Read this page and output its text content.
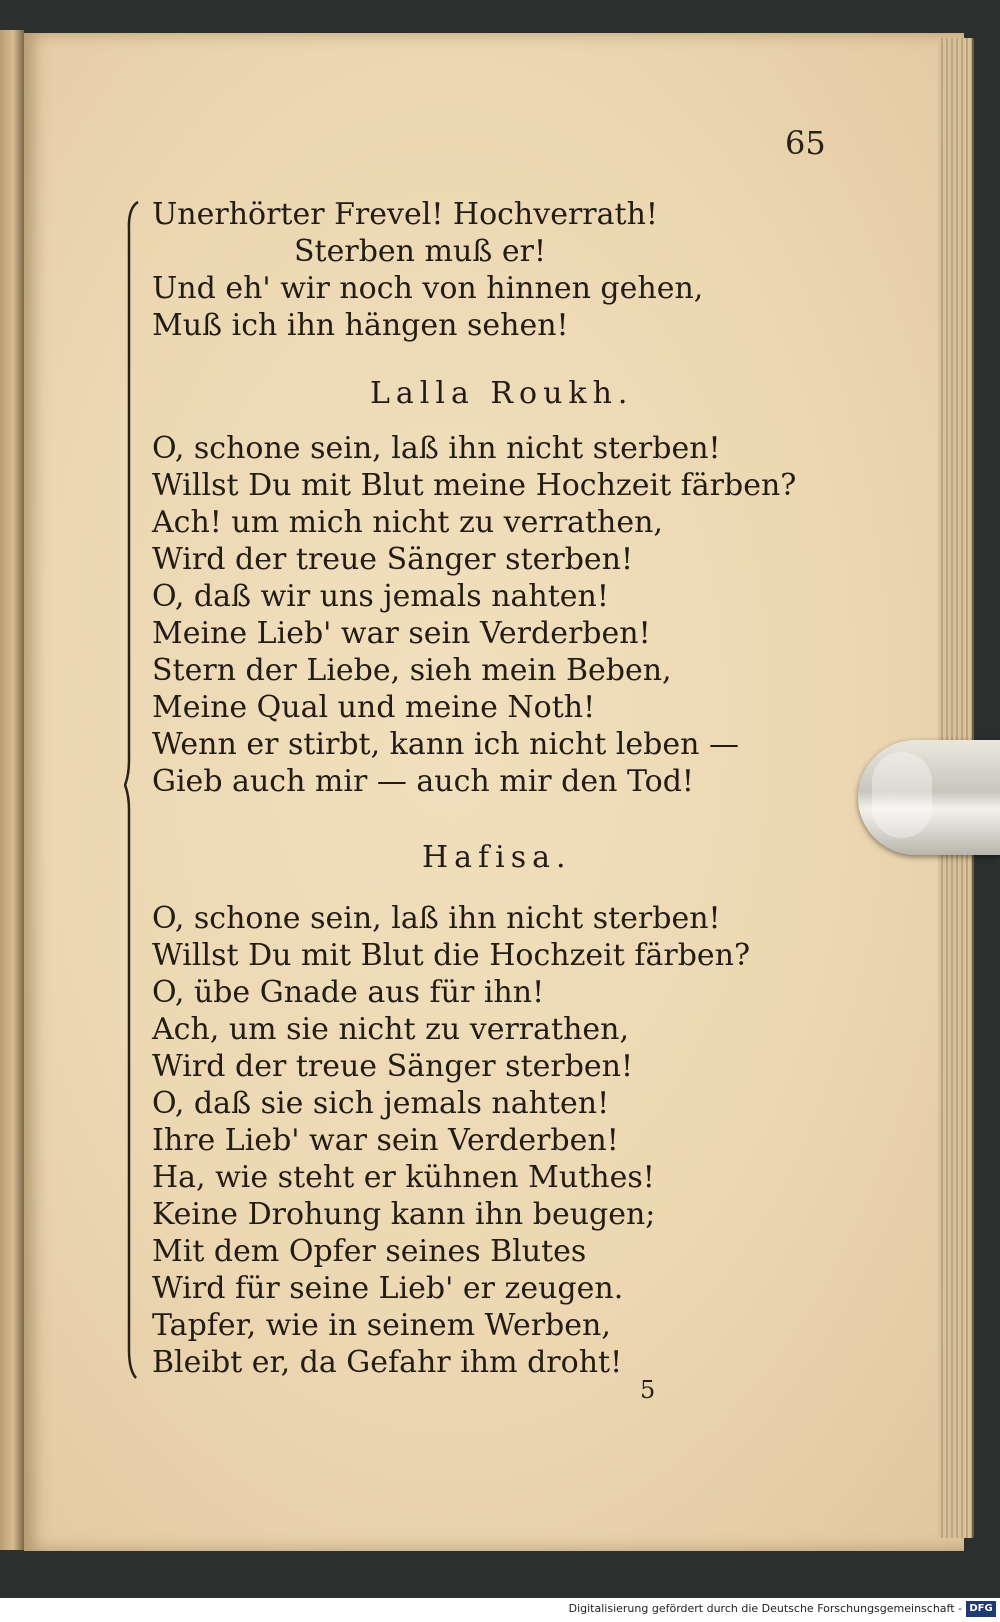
65
Unerhörter Frevel! Hochverrath!
Sterben muß er!
Und eh' wir noch von hinnen gehen,
Muß ich ihn hängen sehen!
Lalla Roukh.
O, schone sein, laß ihn nicht sterben!
Willst Du mit Blut meine Hochzeit färben?
Ach! um mich nicht zu verrathen,
Wird der treue Sänger sterben!
O, daß wir uns jemals nahten!
Meine Lieb' war sein Verderben!
Stern der Liebe, sieh mein Beben,
Meine Qual und meine Noth!
Wenn er stirbt, kann ich nicht leben —
Gieb auch mir — auch mir den Tod!
Hafisa.
O, schone sein, laß ihn nicht sterben!
Willst Du mit Blut die Hochzeit färben?
O, übe Gnade aus für ihn!
Ach, um sie nicht zu verrathen,
Wird der treue Sänger sterben!
O, daß sie sich jemals nahten!
Ihre Lieb' war sein Verderben!
Ha, wie steht er kühnen Muthes!
Keine Drohung kann ihn beugen;
Mit dem Opfer seines Blutes
Wird für seine Lieb' er zeugen.
Tapfer, wie in seinem Werben,
Bleibt er, da Gefahr ihm droht!
5
Digitalisierung gefördert durch die Deutsche Forschungsgemeinschaft - DFG
